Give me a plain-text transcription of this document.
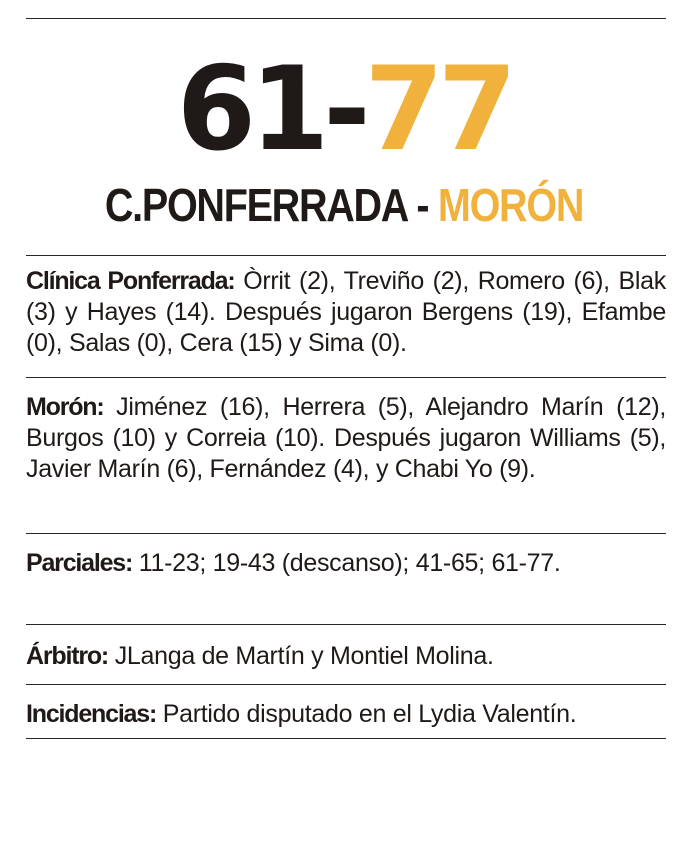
61-77
C.PONFERRADA - MORÓN
Clínica Ponferrada: Òrrit (2), Treviño (2), Romero (6), Blak (3) y Hayes (14). Después jugaron Bergens (19), Efambe (0), Salas (0), Cera (15) y Sima (0).
Morón: Jiménez (16), Herrera (5), Alejandro Marín (12), Burgos (10) y Correia (10). Después jugaron Williams (5), Javier Marín (6), Fernández (4), y Chabi Yo (9).
Parciales: 11-23; 19-43 (descanso); 41-65; 61-77.
Árbitro: JLanga de Martín y Montiel Molina.
Incidencias: Partido disputado en el Lydia Valentín.
